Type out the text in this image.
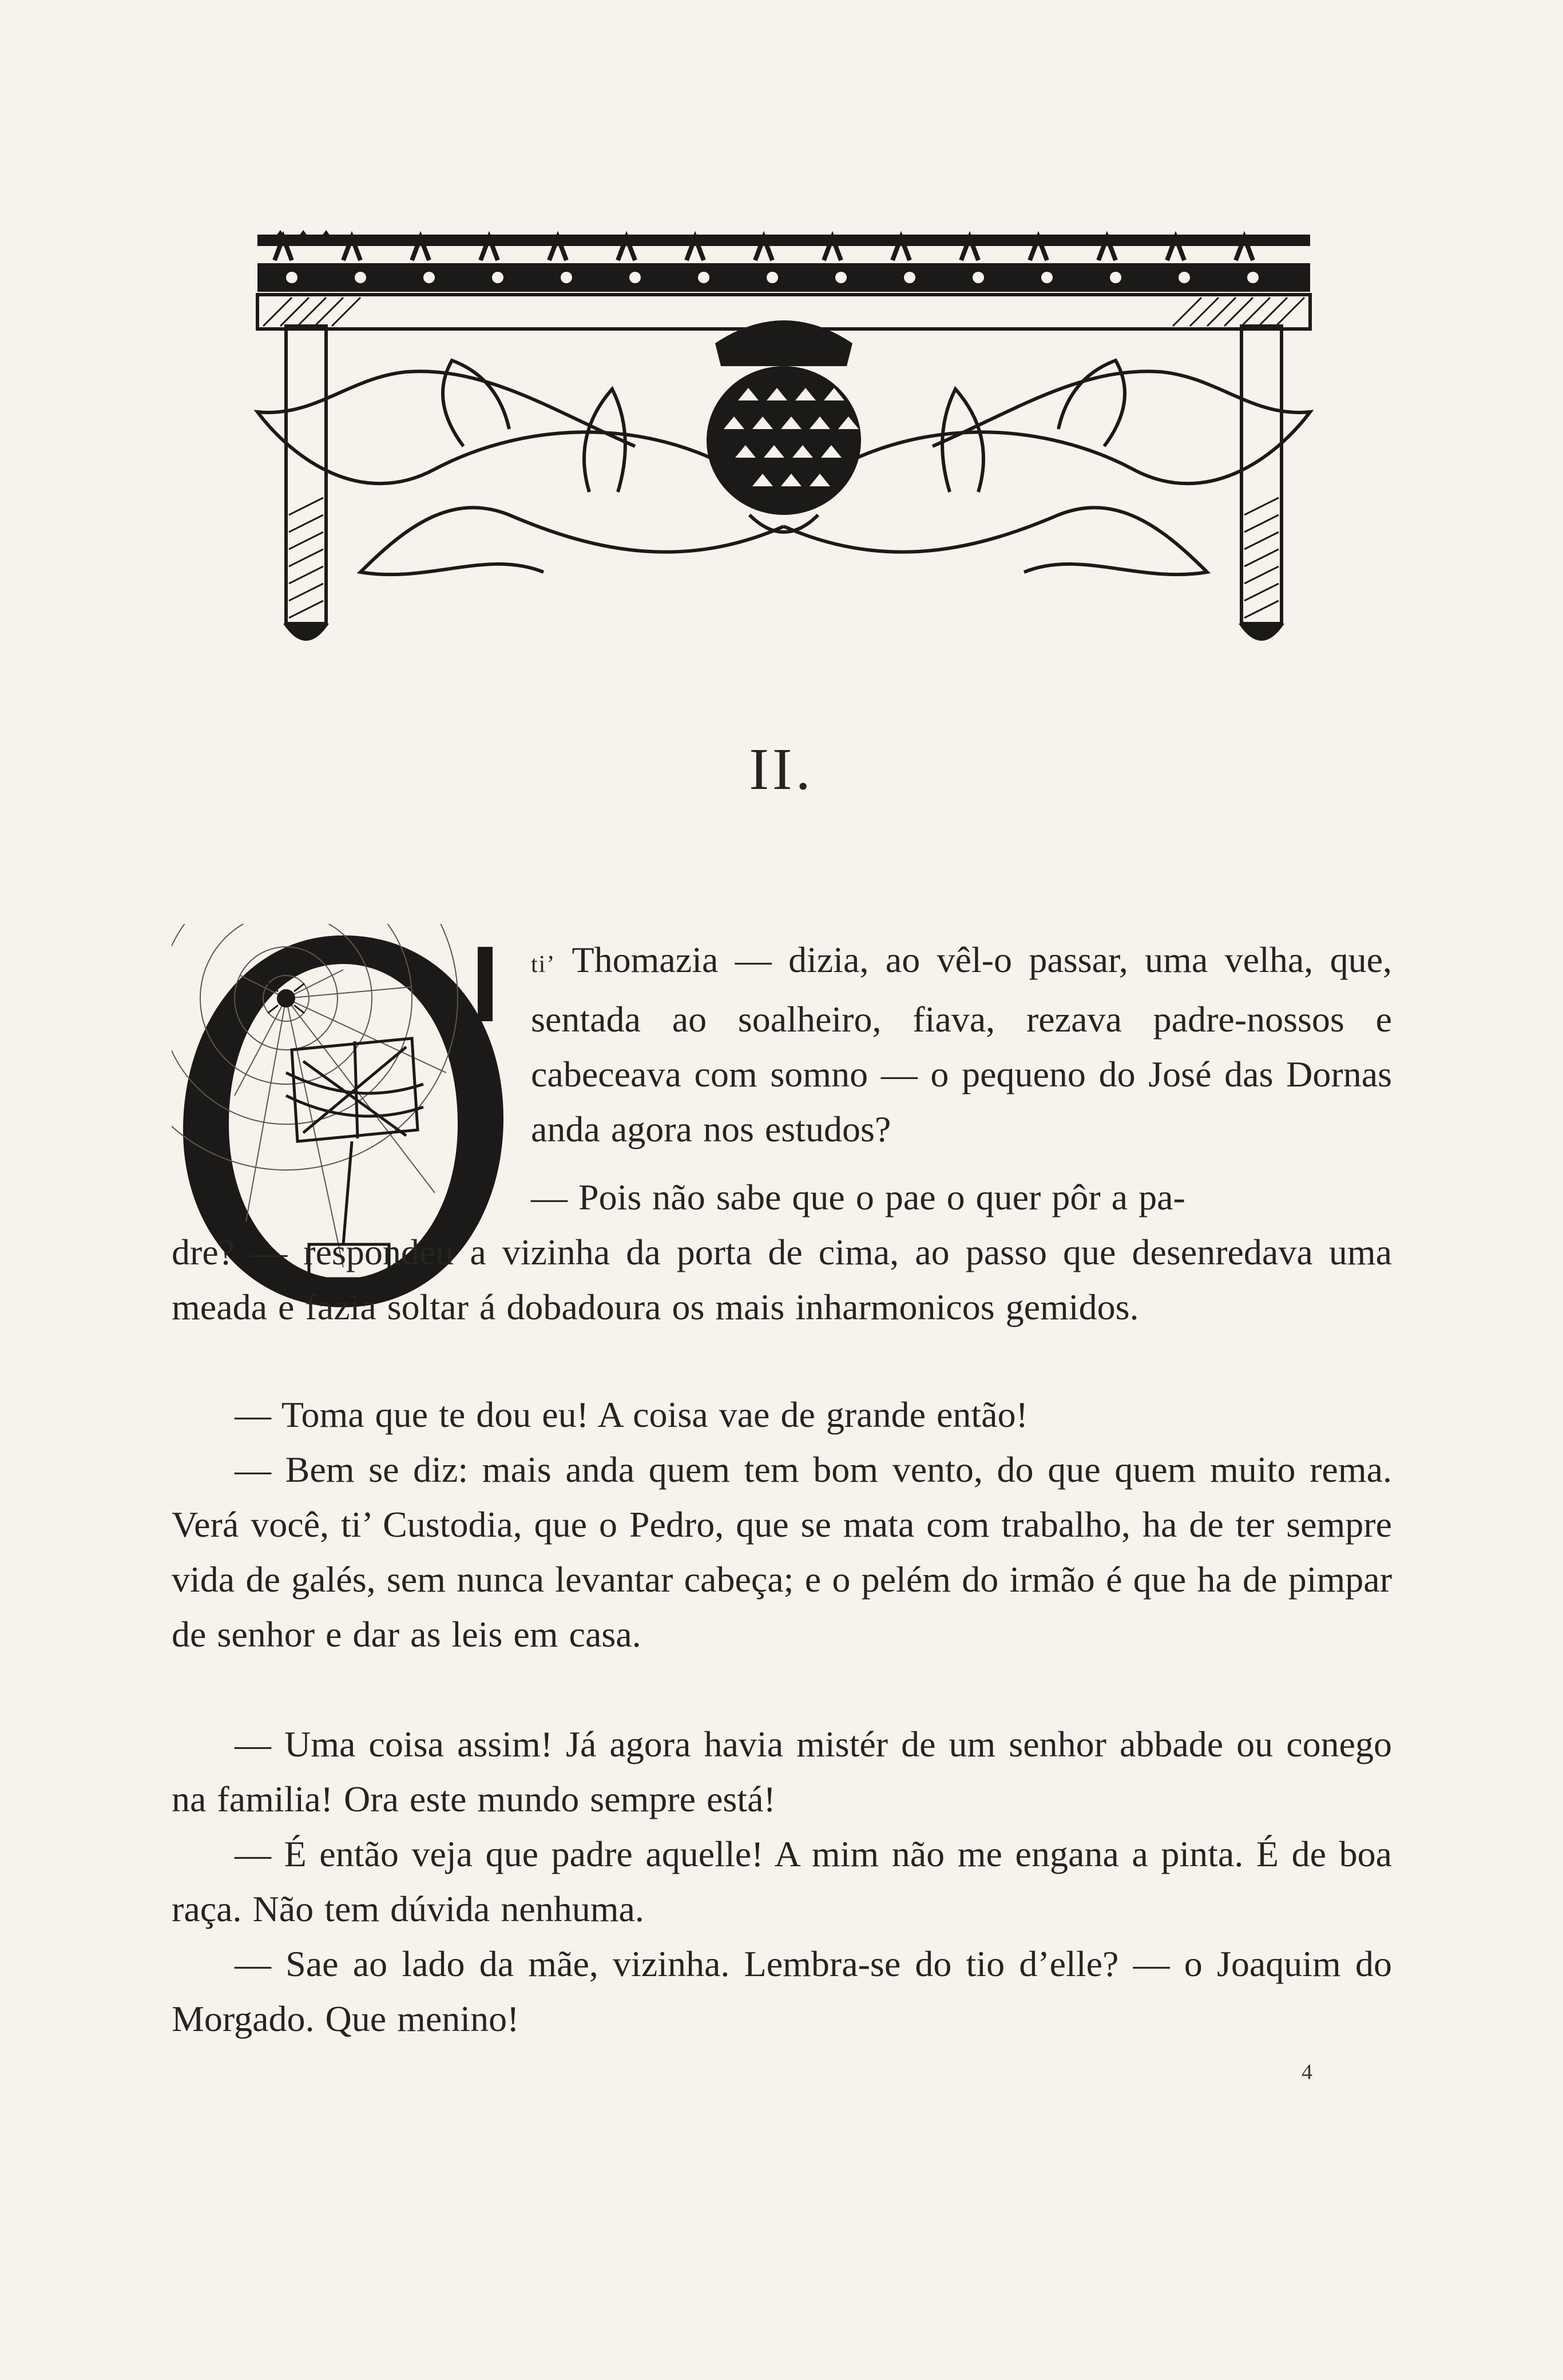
II.

ti’ Thomazia — dizia, ao vêl-o passar, uma velha, que, sentada ao soalheiro, fiava, rezava padre-nossos e cabeceava com somno — o pequeno do José das Dornas anda agora nos estudos?

— Pois não sabe que o pae o quer pôr a pa-
dre? — respondeu a vizinha da porta de cima, ao passo que desenredava uma meada e fazia soltar á dobadoura os mais inharmonicos gemidos.

— Toma que te dou eu! A coisa vae de grande então!

— Bem se diz: mais anda quem tem bom vento, do que quem muito rema. Verá você, ti’ Custodia, que o Pedro, que se mata com trabalho, ha de ter sempre vida de galés, sem nunca levantar cabeça; e o pelém do irmão é que ha de pimpar de senhor e dar as leis em casa.

— Uma coisa assim! Já agora havia mistér de um senhor abbade ou conego na familia! Ora este mundo sempre está!

— É então veja que padre aquelle! A mim não me engana a pinta. É de boa raça. Não tem dúvida nenhuma.

— Sae ao lado da mãe, vizinha. Lembra-se do tio d’elle? — o Joaquim do Morgado. Que menino!

4
